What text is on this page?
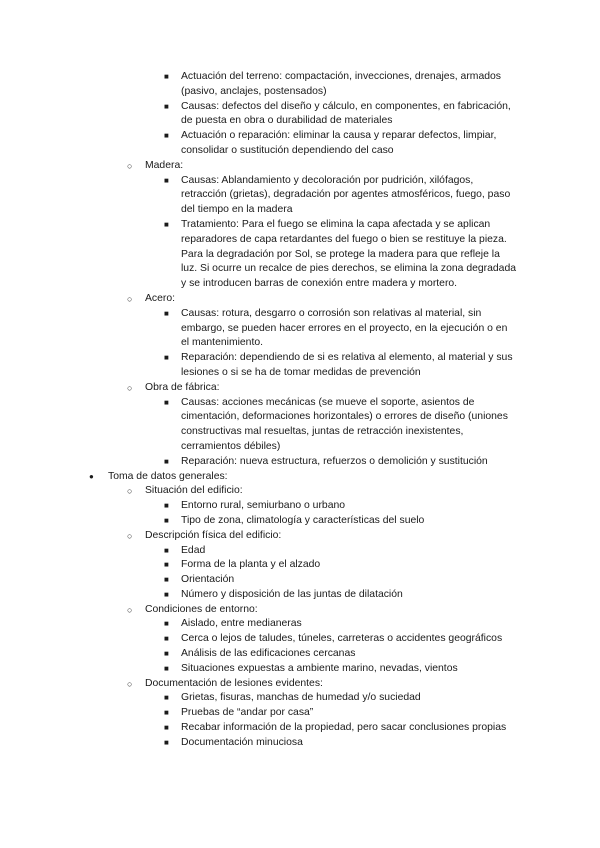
■ Actuación del terreno: compactación, invecciones, drenajes, armados (pasivo, anclajes, postensados)
■ Causas: defectos del diseño y cálculo, en componentes, en fabricación, de puesta en obra o durabilidad de materiales
■ Actuación o reparación: eliminar la causa y reparar defectos, limpiar, consolidar o sustitución dependiendo del caso
○ Madera:
■ Causas: Ablandamiento y decoloración por pudrición, xilófagos, retracción (grietas), degradación por agentes atmosféricos, fuego, paso del tiempo en la madera
■ Tratamiento: Para el fuego se elimina la capa afectada y se aplican reparadores de capa retardantes del fuego o bien se restituye la pieza. Para la degradación por Sol, se protege la madera para que refleje la luz. Si ocurre un recalce de pies derechos, se elimina la zona degradada y se introducen barras de conexión entre madera y mortero.
○ Acero:
■ Causas: rotura, desgarro o corrosión son relativas al material, sin embargo, se pueden hacer errores en el proyecto, en la ejecución o en el mantenimiento.
■ Reparación: dependiendo de si es relativa al elemento, al material y sus lesiones o si se ha de tomar medidas de prevención
○ Obra de fábrica:
■ Causas: acciones mecánicas (se mueve el soporte, asientos de cimentación, deformaciones horizontales) o errores de diseño (uniones constructivas mal resueltas, juntas de retracción inexistentes, cerramientos débiles)
■ Reparación: nueva estructura, refuerzos o demolición y sustitución
● Toma de datos generales:
○ Situación del edificio:
■ Entorno rural, semiurbano o urbano
■ Tipo de zona, climatología y características del suelo
○ Descripción física del edificio:
■ Edad
■ Forma de la planta y el alzado
■ Orientación
■ Número y disposición de las juntas de dilatación
○ Condiciones de entorno:
■ Aislado, entre medianeras
■ Cerca o lejos de taludes, túneles, carreteras o accidentes geográficos
■ Análisis de las edificaciones cercanas
■ Situaciones expuestas a ambiente marino, nevadas, vientos
○ Documentación de lesiones evidentes:
■ Grietas, fisuras, manchas de humedad y/o suciedad
■ Pruebas de “andar por casa”
■ Recabar información de la propiedad, pero sacar conclusiones propias
■ Documentación minuciosa
